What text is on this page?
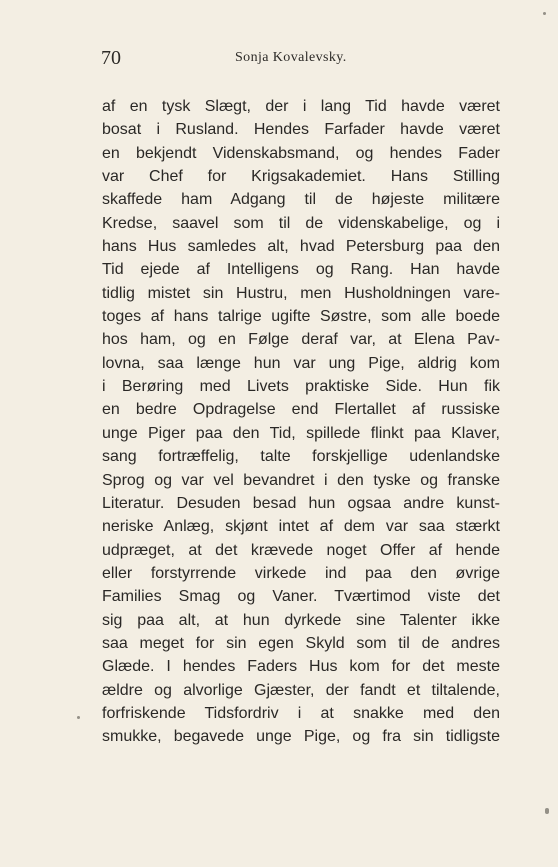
70	Sonja Kovalevsky.
af en tysk Slægt, der i lang Tid havde været
bosat i Rusland. Hendes Farfader havde været
en bekjendt Videnskabsmand, og hendes Fader
var Chef for Krigsakademiet. Hans Stilling
skaffede ham Adgang til de højeste militære
Kredse, saavel som til de videnskabelige, og i
hans Hus samledes alt, hvad Petersburg paa den
Tid ejede af Intelligens og Rang. Han havde
tidlig mistet sin Hustru, men Husholdningen vare-
toges af hans talrige ugifte Søstre, som alle boede
hos ham, og en Følge deraf var, at Elena Pav-
lovna, saa længe hun var ung Pige, aldrig kom
i Berøring med Livets praktiske Side. Hun fik
en bedre Opdragelse end Flertallet af russiske
unge Piger paa den Tid, spillede flinkt paa Klaver,
sang fortræffelig, talte forskjellige udenlandske
Sprog og var vel bevandret i den tyske og franske
Literatur. Desuden besad hun ogsaa andre kunst-
neriske Anlæg, skjønt intet af dem var saa stærkt
udpræget, at det krævede noget Offer af hende
eller forstyrrende virkede ind paa den øvrige
Families Smag og Vaner. Tværtimod viste det
sig paa alt, at hun dyrkede sine Talenter ikke
saa meget for sin egen Skyld som til de andres
Glæde. I hendes Faders Hus kom for det meste
ældre og alvorlige Gjæster, der fandt et tiltalende,
forfriskende Tidsfordriv i at snakke med den
smukke, begavede unge Pige, og fra sin tidligste
